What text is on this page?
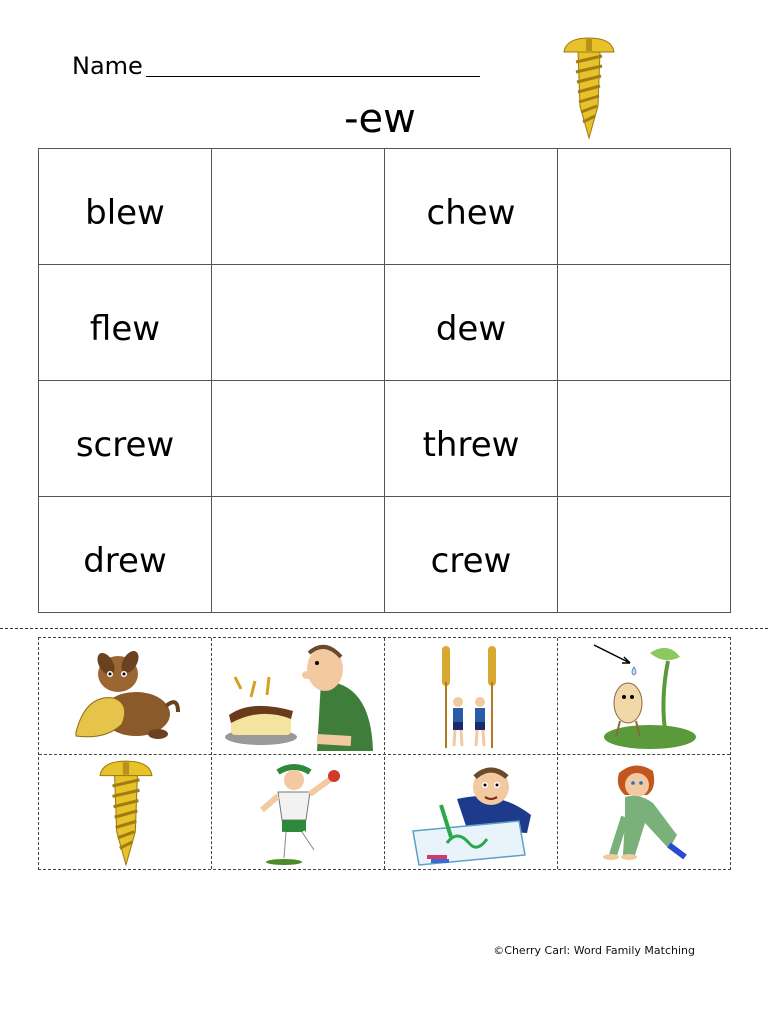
Name
-ew
blew		chew	
flew		dew	
screw		threw	
drew		crew	
©Cherry Carl: Word Family Matching
